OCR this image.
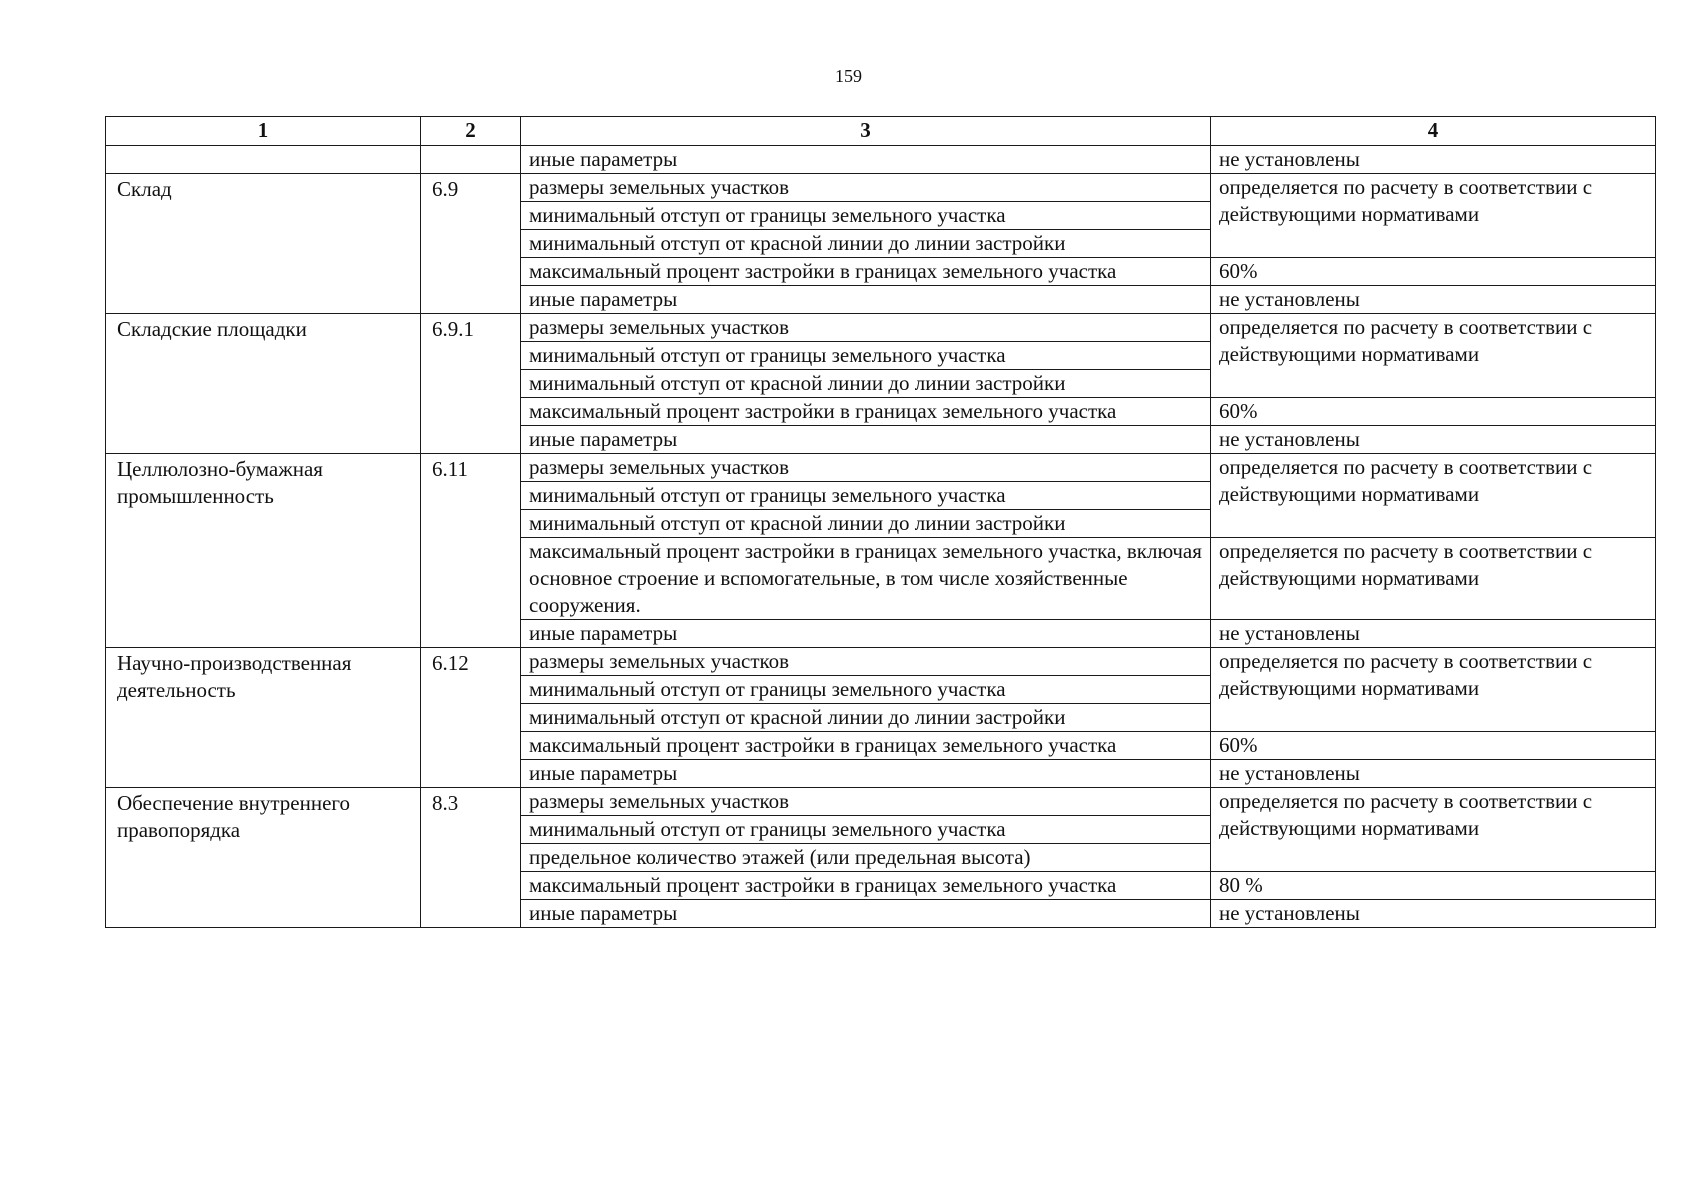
159
1	2	3	4
		иные параметры	не установлены
Склад	6.9	размеры земельных участков	определяется по расчету в соответствии с действующими нормативами
		минимальный отступ от границы земельного участка	
		минимальный отступ от красной линии до линии застройки	
		максимальный процент застройки в границах земельного участка	60%
		иные параметры	не установлены
Складские площадки	6.9.1	размеры земельных участков	определяется по расчету в соответствии с действующими нормативами
		минимальный отступ от границы земельного участка	
		минимальный отступ от красной линии до линии застройки	
		максимальный процент застройки в границах земельного участка	60%
		иные параметры	не установлены
Целлюлозно-бумажная промышленность	6.11	размеры земельных участков	определяется по расчету в соответствии с действующими нормативами
		минимальный отступ от границы земельного участка	
		минимальный отступ от красной линии до линии застройки	
		максимальный процент застройки в границах земельного участка, включая основное строение и вспомогательные, в том числе хозяйственные сооружения.	определяется по расчету в соответствии с действующими нормативами
		иные параметры	не установлены
Научно-производственная деятельность	6.12	размеры земельных участков	определяется по расчету в соответствии с действующими нормативами
		минимальный отступ от границы земельного участка	
		минимальный отступ от красной линии до линии застройки	
		максимальный процент застройки в границах земельного участка	60%
		иные параметры	не установлены
Обеспечение внутреннего правопорядка	8.3	размеры земельных участков	определяется по расчету в соответствии с действующими нормативами
		минимальный отступ от границы земельного участка	
		предельное количество этажей (или предельная высота)	
		максимальный процент застройки в границах земельного участка	80 %
		иные параметры	не установлены
